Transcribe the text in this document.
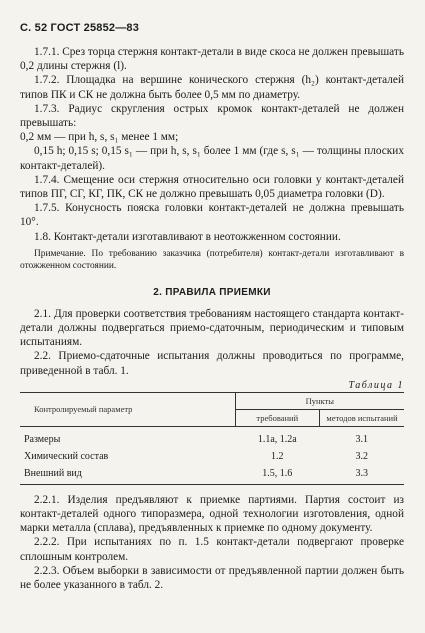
С. 52 ГОСТ 25852—83

1.7.1. Срез торца стержня контакт-детали в виде скоса не должен превышать 0,2 длины стержня (l).

1.7.2. Площадка на вершине конического стержня (h₂) контакт-деталей типов ПК и СК не должна быть более 0,5 мм по диаметру.

1.7.3. Радиус скругления острых кромок контакт-деталей не должен превышать:

0,2 мм — при h, s, s₁ менее 1 мм;

0,15 h; 0,15 s; 0,15 s₁ — при h, s, s₁ более 1 мм (где s, s₁ — толщины плоских контакт-деталей).

1.7.4. Смещение оси стержня относительно оси головки у контакт-деталей типов ПГ, СГ, КГ, ПК, СК не должно превышать 0,05 диаметра головки (D).

1.7.5. Конусность пояска головки контакт-деталей не должна превышать 10°.

1.8. Контакт-детали изготавливают в неотожженном состоянии.

Примечание. По требованию заказчика (потребителя) контакт-детали изготавливают в отожженном состоянии.

2. ПРАВИЛА ПРИЕМКИ

2.1. Для проверки соответствия требованиям настоящего стандарта контакт-детали должны подвергаться приемо-сдаточным, периодическим и типовым испытаниям.

2.2. Приемо-сдаточные испытания должны проводиться по программе, приведенной в табл. 1.

Таблица 1
Контролируемый параметр	Пункты	
	требований	методов испытаний
Размеры	1.1а, 1.2а	3.1
Химический состав	1.2	3.2
Внешний вид	1.5, 1.6	3.3

2.2.1. Изделия предъявляют к приемке партиями. Партия состоит из контакт-деталей одного типоразмера, одной технологии изготовления, одной марки металла (сплава), предъявленных к приемке по одному документу.

2.2.2. При испытаниях по п. 1.5 контакт-детали подвергают проверке сплошным контролем.

2.2.3. Объем выборки в зависимости от предъявленной партии должен быть не более указанного в табл. 2.
